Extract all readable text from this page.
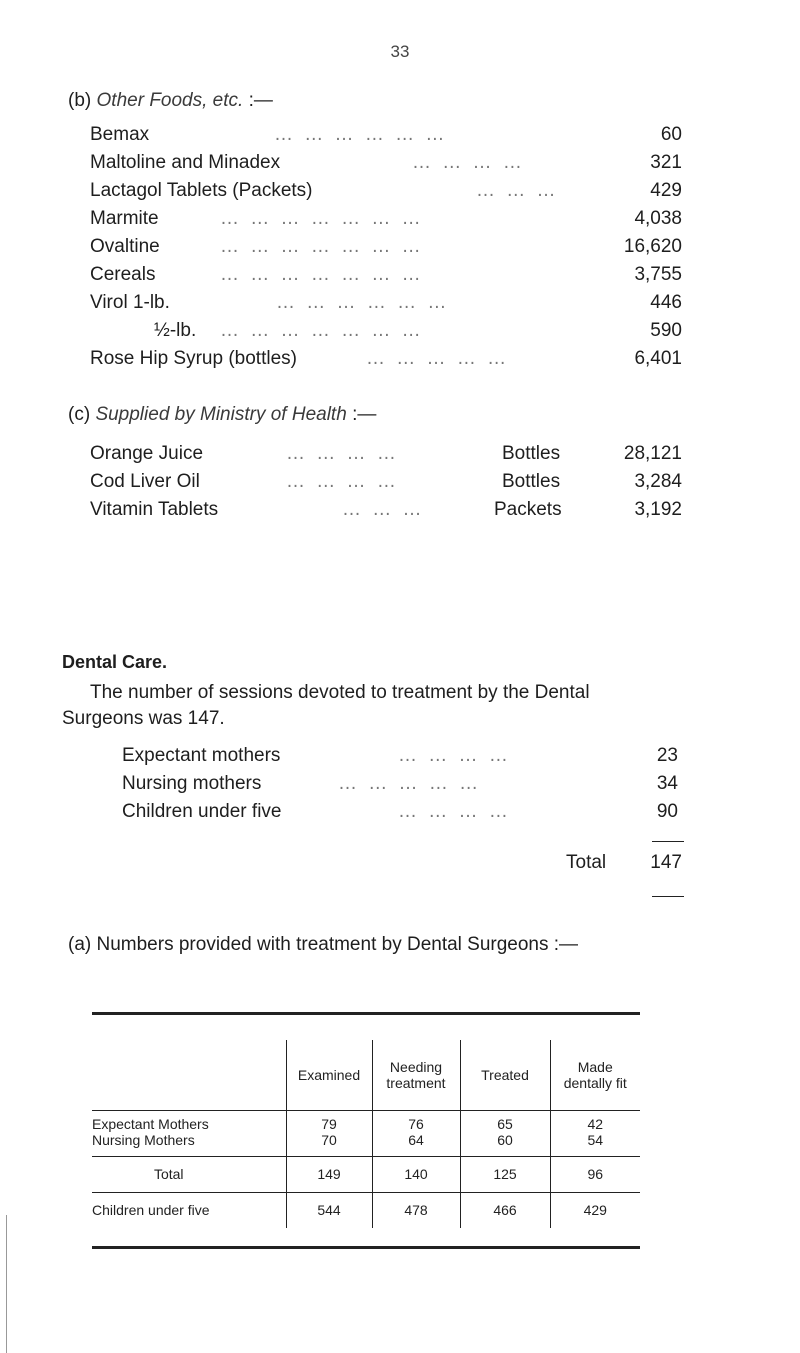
33
(b) Other Foods, etc. :—
Bemax	… … … … … …	60
Maltoline and Minadex	… … … …	321
Lactagol Tablets (Packets)	… … …	429
Marmite	… … … … … … …	4,038
Ovaltine	… … … … … … …	16,620
Cereals	… … … … … … …	3,755
Virol 1-lb.	… … … … … …	446
½-lb. … … … … … … …	590
Rose Hip Syrup (bottles)	… … … … …	6,401
(c) Supplied by Ministry of Health :—
Orange Juice	… … … …	Bottles	28,121
Cod Liver Oil	… … … …	Bottles	3,284
Vitamin Tablets	… … …	Packets	3,192
Dental Care.
The number of sessions devoted to treatment by the Dental
Surgeons was 147.
Expectant mothers	… … … …	23
Nursing mothers	… … … … …	34
Children under five	… … … …	90
Total 147
(a) Numbers provided with treatment by Dental Surgeons :—
	Examined	Needing treatment	Treated	Made dentally fit
Expectant Mothers	79	76	65	42
Nursing Mothers	70	64	60	54
Total	149	140	125	96
Children under five	544	478	466	429
